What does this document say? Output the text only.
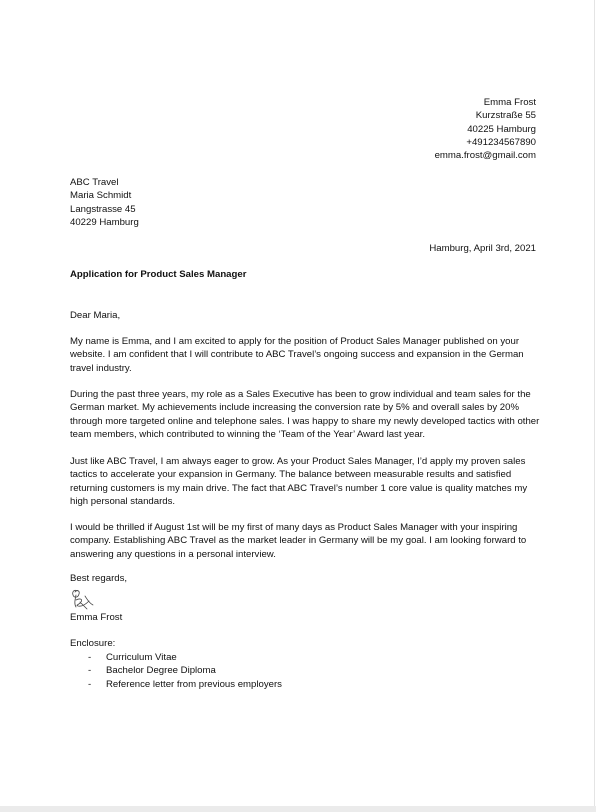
Emma Frost
Kurzstraße 55
40225 Hamburg
+491234567890
emma.frost@gmail.com
ABC Travel
Maria Schmidt
Langstrasse 45
40229 Hamburg
Hamburg, April 3rd, 2021
Application for Product Sales Manager
Dear Maria,

My name is Emma, and I am excited to apply for the position of Product Sales Manager published on your website. I am confident that I will contribute to ABC Travel’s ongoing success and expansion in the German travel industry.

During the past three years, my role as a Sales Executive has been to grow individual and team sales for the German market. My achievements include increasing the conversion rate by 5% and overall sales by 20% through more targeted online and telephone sales. I was happy to share my newly developed tactics with other team members, which contributed to winning the ‘Team of the Year’ Award last year.

Just like ABC Travel, I am always eager to grow. As your Product Sales Manager, I’d apply my proven sales tactics to accelerate your expansion in Germany. The balance between measurable results and satisfied returning customers is my main drive. The fact that ABC Travel’s number 1 core value is quality matches my high personal standards.

I would be thrilled if August 1st will be my first of many days as Product Sales Manager with your inspiring company. Establishing ABC Travel as the market leader in Germany will be my goal. I am looking forward to answering any questions in a personal interview.

Best regards,
Emma Frost
Enclosure:
-	Curriculum Vitae
-	Bachelor Degree Diploma
-	Reference letter from previous employers
